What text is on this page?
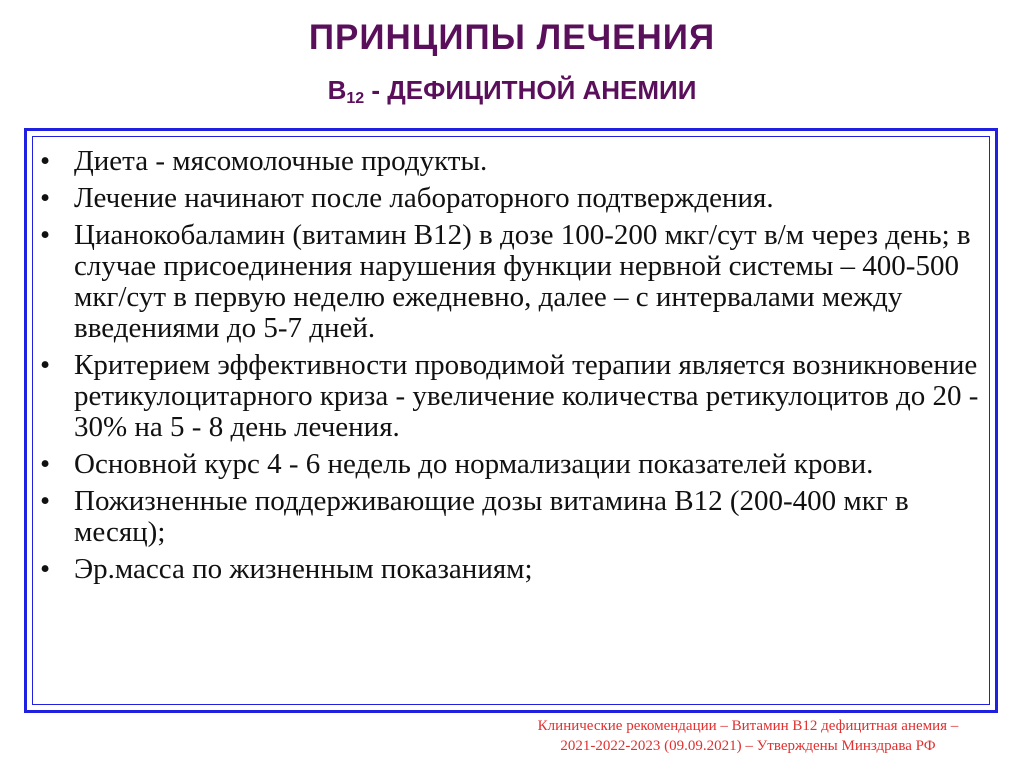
ПРИНЦИПЫ ЛЕЧЕНИЯ
$В_{12}$ - ДЕФИЦИТНОЙ АНЕМИИ
• Диета - мясомолочные продукты.
• Лечение начинают после лабораторного подтверждения.
• Цианокобаламин (витамин В12) в дозе 100-200 мкг/сут в/м через день; в случае присоединения нарушения функции нервной системы – 400-500 мкг/сут в первую неделю ежедневно, далее – с интервалами между введениями до 5-7 дней.
• Критерием эффективности проводимой терапии является возникновение ретикулоцитарного криза - увеличение количества ретикулоцитов до 20 - 30% на 5 - 8 день лечения.
• Основной курс 4 - 6 недель до нормализации показателей крови.
• Пожизненные поддерживающие дозы витамина В12 (200-400 мкг в месяц);
• Эр.масса по жизненным показаниям;
Клинические рекомендации – Витамин В12 дефицитная анемия –
2021-2022-2023 (09.09.2021) – Утверждены Минздрава РФ
